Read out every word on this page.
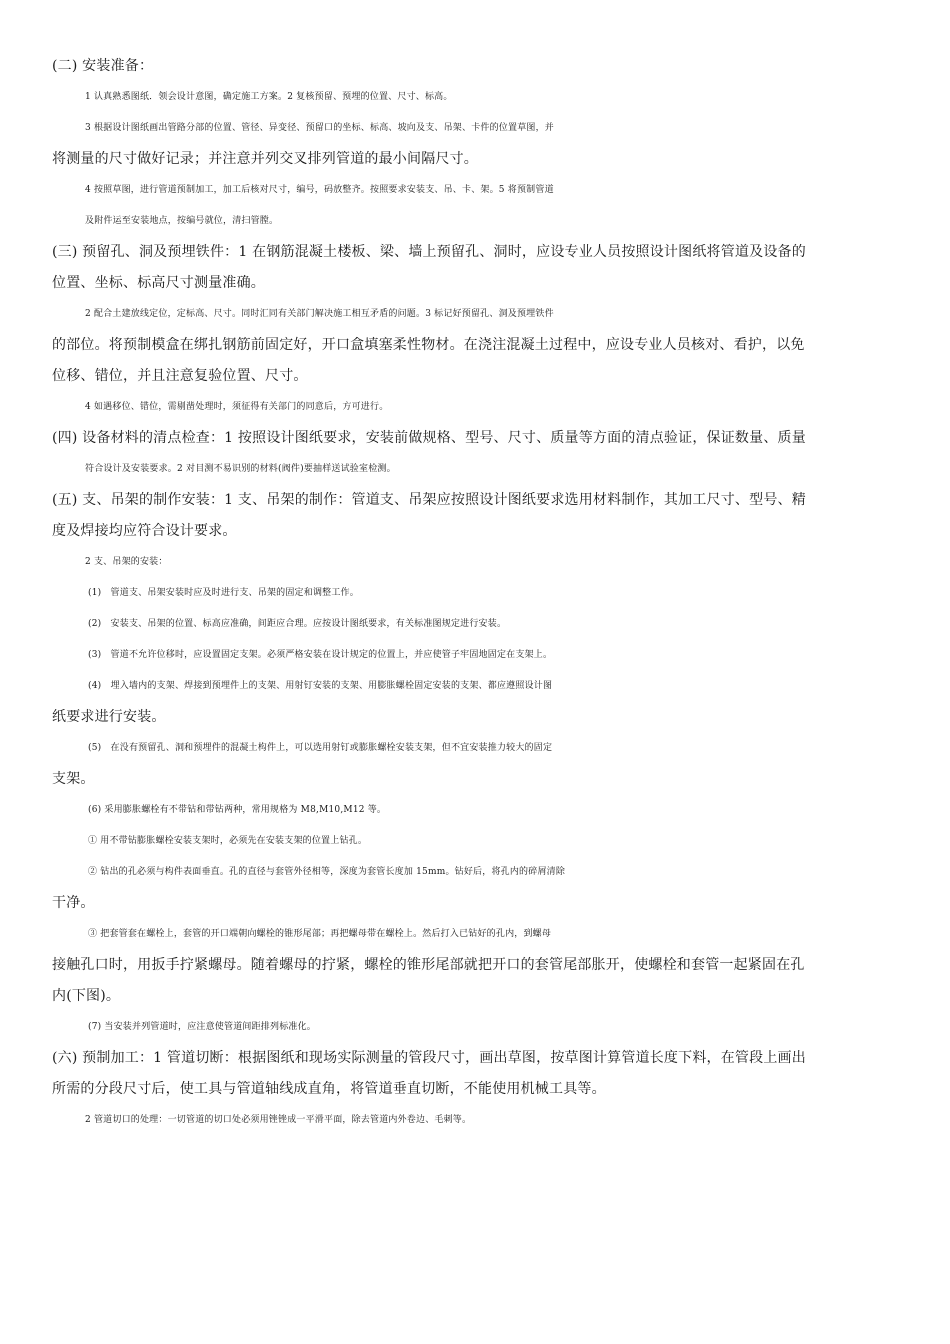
(二) 安装准备：
1 认真熟悉图纸．领会设计意图，确定施工方案。2 复核预留、预埋的位置、尺寸、标高。
3 根据设计图纸画出管路分部的位置、管径、异变径、预留口的坐标、标高、坡向及支、吊架、卡件的位置草图，并
将测量的尺寸做好记录；并注意并列交叉排列管道的最小间隔尺寸。
4 按照草图，进行管道预制加工，加工后核对尺寸，编号，码放整齐。按照要求安装支、吊、卡、架。5 将预制管道
及附件运至安装地点，按编号就位，清扫管膛。
(三) 预留孔、洞及预埋铁件：1 在钢筋混凝土楼板、梁、墙上预留孔、洞时，应设专业人员按照设计图纸将管道及设备的
位置、坐标、标高尺寸测量准确。
2 配合土建放线定位，定标高、尺寸。同时汇同有关部门解决施工相互矛盾的问题。3 标记好预留孔、洞及预埋铁件
的部位。将预制模盒在绑扎钢筋前固定好，开口盒填塞柔性物材。在浇注混凝土过程中，应设专业人员核对、看护，以免
位移、错位，并且注意复验位置、尺寸。
4 如遇移位、错位，需剔凿处理时，须征得有关部门的同意后，方可进行。
(四) 设备材料的清点检查：1 按照设计图纸要求，安装前做规格、型号、尺寸、质量等方面的清点验证，保证数量、质量
符合设计及安装要求。2 对目测不易识别的材料(阀件)要抽样送试验室检测。
(五) 支、吊架的制作安装：1 支、吊架的制作：管道支、吊架应按照设计图纸要求选用材料制作，其加工尺寸、型号、精
度及焊接均应符合设计要求。
2 支、吊架的安装：
(1)　管道支、吊架安装时应及时进行支、吊架的固定和调整工作。
(2)　安装支、吊架的位置、标高应准确，间距应合理。应按设计图纸要求，有关标准图规定进行安装。
(3)　管道不允许位移时，应设置固定支架。必须严格安装在设计规定的位置上，并应使管子牢固地固定在支架上。
(4)　埋入墙内的支架、焊接到预埋件上的支架、用射钉安装的支架、用膨胀螺栓固定安装的支架、都应遵照设计图
纸要求进行安装。
(5)　在没有预留孔、洞和预埋件的混凝土构件上，可以选用射钉或膨胀螺栓安装支架，但不宜安装推力较大的固定
支架。
(6) 采用膨胀螺栓有不带钻和带钻两种，常用规格为 M8,M10,M12 等。
① 用不带钻膨胀螺栓安装支架时，必须先在安装支架的位置上钻孔。
② 钻出的孔必须与构件表面垂直。孔的直径与套管外径相等，深度为套管长度加 15mm。钻好后，将孔内的碎屑清除
干净。
③ 把套管套在螺栓上，套管的开口端朝向螺栓的锥形尾部；再把螺母带在螺栓上。然后打入已钻好的孔内，到螺母
接触孔口时，用扳手拧紧螺母。随着螺母的拧紧，螺栓的锥形尾部就把开口的套管尾部胀开，使螺栓和套管一起紧固在孔
内(下图)。
(7) 当安装并列管道时，应注意使管道间距排列标准化。
(六) 预制加工：1 管道切断：根据图纸和现场实际测量的管段尺寸，画出草图，按草图计算管道长度下料，在管段上画出
所需的分段尺寸后，使工具与管道轴线成直角，将管道垂直切断，不能使用机械工具等。
2 管道切口的处理：一切管道的切口处必须用锉锉成一平滑平面，除去管道内外卷边、毛刺等。
